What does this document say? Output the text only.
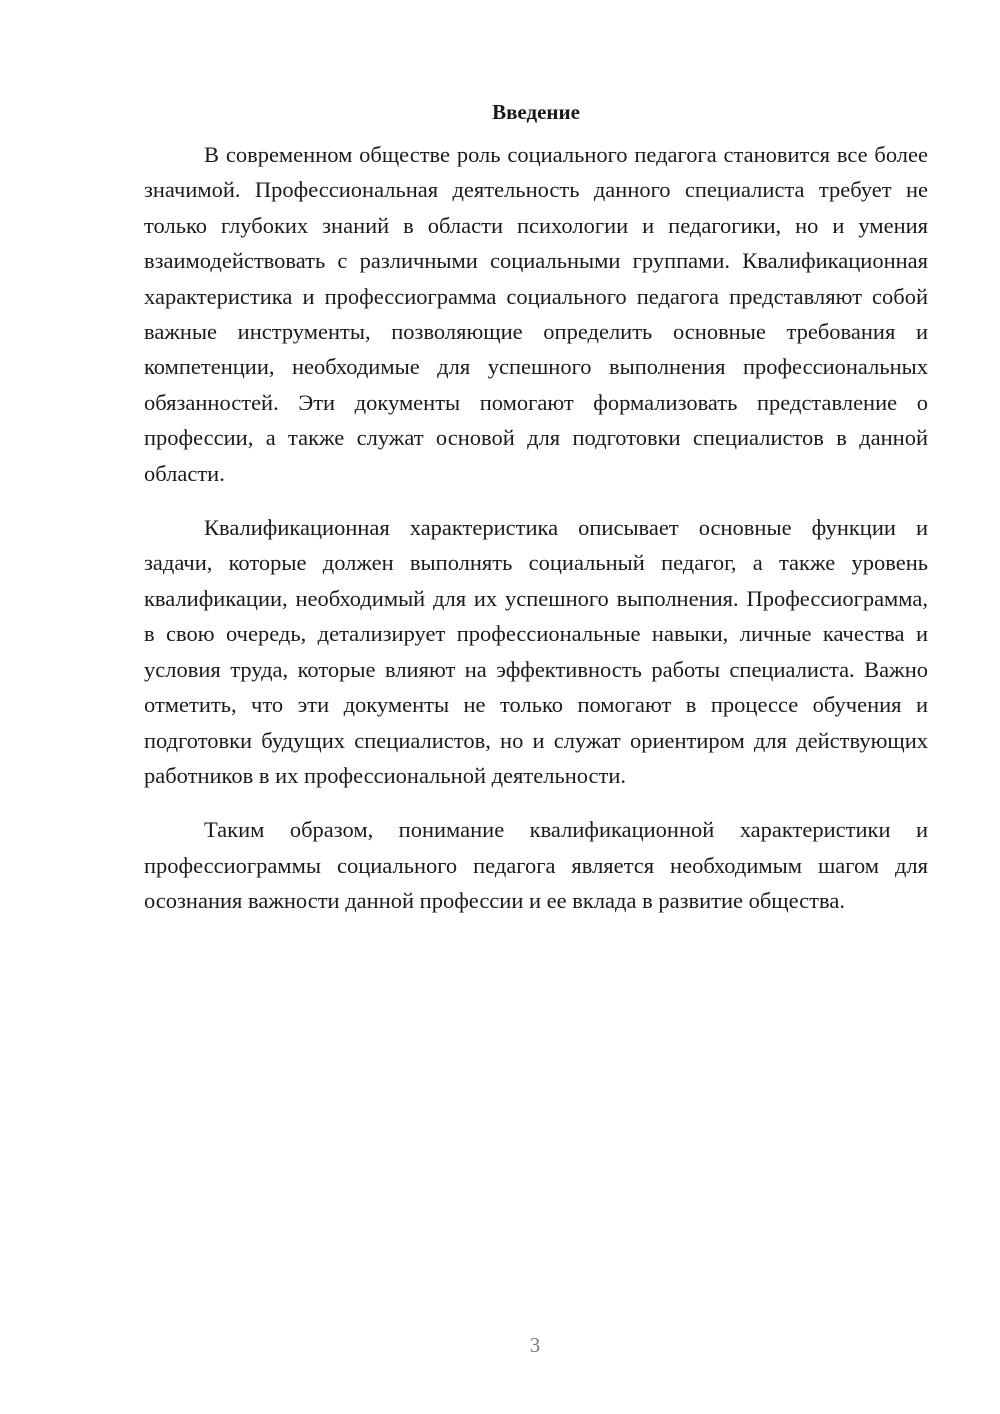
Введение

В современном обществе роль социального педагога становится все более значимой. Профессиональная деятельность данного специалиста требует не только глубоких знаний в области психологии и педагогики, но и умения взаимодействовать с различными социальными группами. Квалификационная характеристика и профессиограмма социального педагога представляют собой важные инструменты, позволяющие определить основные требования и компетенции, необходимые для успешного выполнения профессиональных обязанностей. Эти документы помогают формализовать представление о профессии, а также служат основой для подготовки специалистов в данной области.

Квалификационная характеристика описывает основные функции и задачи, которые должен выполнять социальный педагог, а также уровень квалификации, необходимый для их успешного выполнения. Профессиограмма, в свою очередь, детализирует профессиональные навыки, личные качества и условия труда, которые влияют на эффективность работы специалиста. Важно отметить, что эти документы не только помогают в процессе обучения и подготовки будущих специалистов, но и служат ориентиром для действующих работников в их профессиональной деятельности.

Таким образом, понимание квалификационной характеристики и профессиограммы социального педагога является необходимым шагом для осознания важности данной профессии и ее вклада в развитие общества.

3
